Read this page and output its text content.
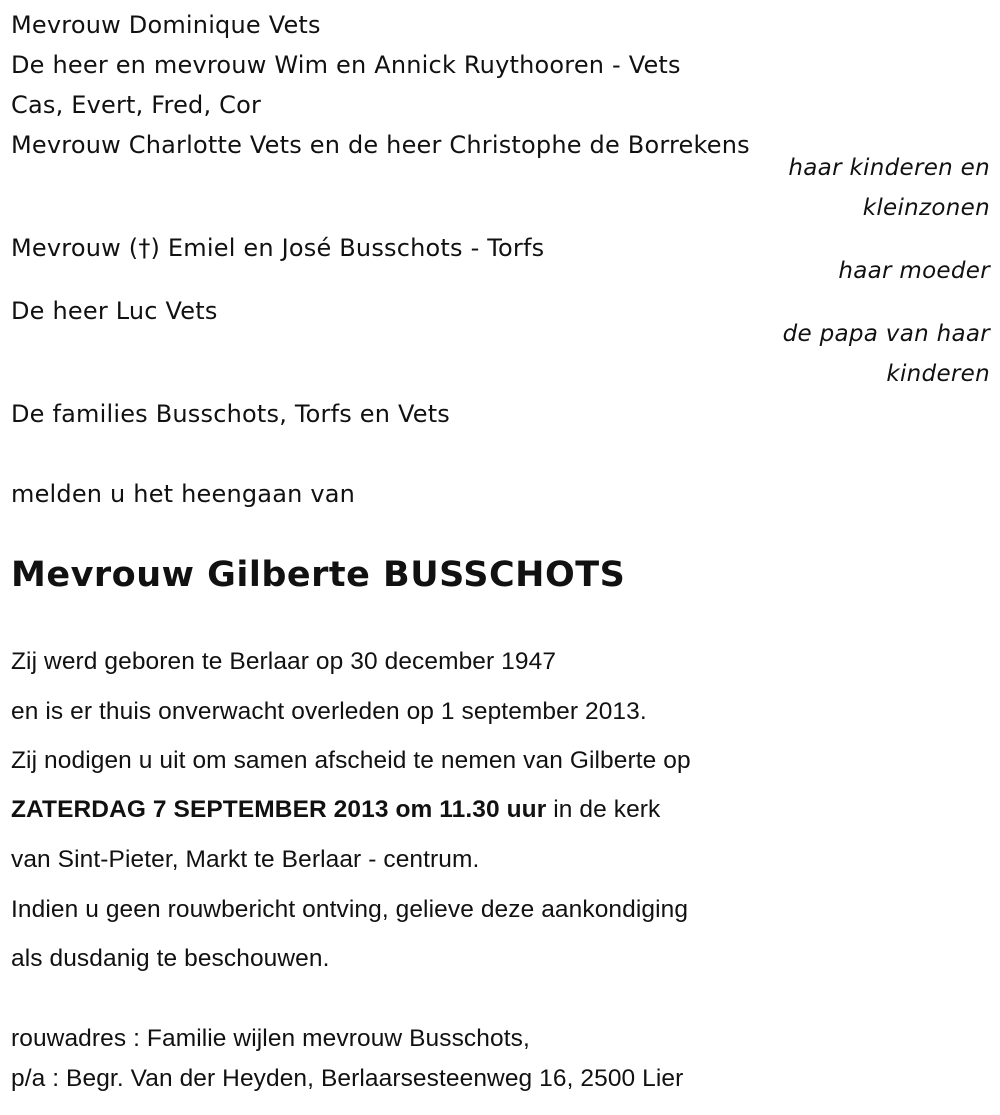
Mevrouw Dominique Vets
De heer en mevrouw Wim en Annick Ruythooren - Vets
Cas, Evert, Fred, Cor
Mevrouw Charlotte Vets en de heer Christophe de Borrekens
haar kinderen en
kleinzonen
Mevrouw (†) Emiel en José Busschots - Torfs
haar moeder
De heer Luc Vets
de papa van haar
kinderen
De families Busschots, Torfs en Vets
melden u het heengaan van
Mevrouw Gilberte BUSSCHOTS
Zij werd geboren te Berlaar op 30 december 1947
en is er thuis onverwacht overleden op 1 september 2013.
Zij nodigen u uit om samen afscheid te nemen van Gilberte op
ZATERDAG 7 SEPTEMBER 2013 om 11.30 uur in de kerk
van Sint-Pieter, Markt te Berlaar - centrum.
Indien u geen rouwbericht ontving, gelieve deze aankondiging
als dusdanig te beschouwen.
rouwadres : Familie wijlen mevrouw Busschots,
p/a : Begr. Van der Heyden, Berlaarsesteenweg 16, 2500 Lier
